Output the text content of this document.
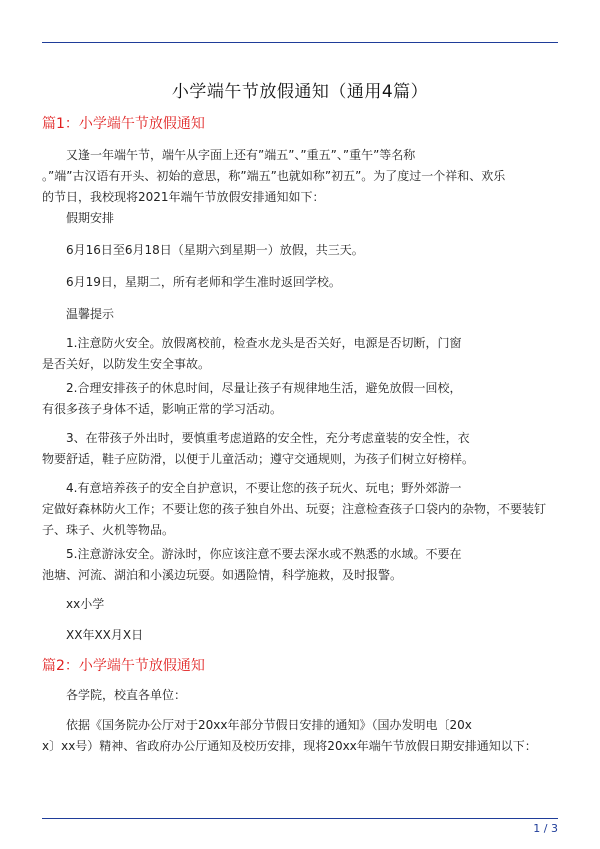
小学端午节放假通知（通用4篇）
篇1：小学端午节放假通知

　　又逢一年端午节，端午从字面上还有”端五”、”重五”、”重午”等名称
。”端”古汉语有开头、初始的意思，称”端五”也就如称”初五”。为了度过一个祥和、欢乐
的节日，我校现将2021年端午节放假安排通知如下：

　　假期安排

　　6月16日至6月18日（星期六到星期一）放假，共三天。

　　6月19日，星期二，所有老师和学生准时返回学校。

　　温馨提示

　　1.注意防火安全。放假离校前，检查水龙头是否关好，电源是否切断，门窗
是否关好，以防发生安全事故。

　　2.合理安排孩子的休息时间，尽量让孩子有规律地生活，避免放假一回校，
有很多孩子身体不适，影响正常的学习活动。

　　3、在带孩子外出时，要慎重考虑道路的安全性，充分考虑童装的安全性，衣
物要舒适，鞋子应防滑，以便于儿童活动；遵守交通规则，为孩子们树立好榜样。

　　4.有意培养孩子的安全自护意识，不要让您的孩子玩火、玩电；野外郊游一
定做好森林防火工作；不要让您的孩子独自外出、玩耍；注意检查孩子口袋内的杂物，不要装钉
子、珠子、火机等物品。

　　5.注意游泳安全。游泳时，你应该注意不要去深水或不熟悉的水域。不要在
池塘、河流、湖泊和小溪边玩耍。如遇险情，科学施救，及时报警。

　　xx小学

　　XX年XX月X日

篇2：小学端午节放假通知

　　各学院，校直各单位：

　　依据《国务院办公厅对于20xx年部分节假日安排的通知》（国办发明电〔20x
x〕xx号）精神、省政府办公厅通知及校历安排，现将20xx年端午节放假日期安排通知以下：

1 / 3
